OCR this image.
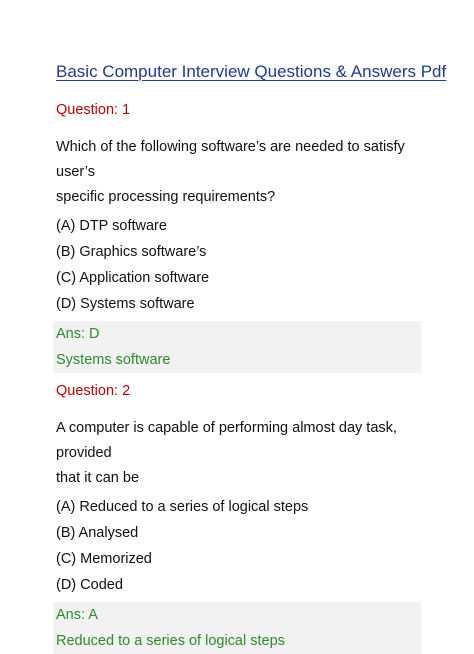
Basic Computer Interview Questions & Answers Pdf
Question: 1
Which of the following software’s are needed to satisfy user’s
specific processing requirements?
(A) DTP software
(B) Graphics software’s
(C) Application software
(D) Systems software
Ans: D
Systems software
Question: 2
A computer is capable of performing almost day task, provided
that it can be
(A) Reduced to a series of logical steps
(B) Analysed
(C) Memorized
(D) Coded
Ans: A
Reduced to a series of logical steps
